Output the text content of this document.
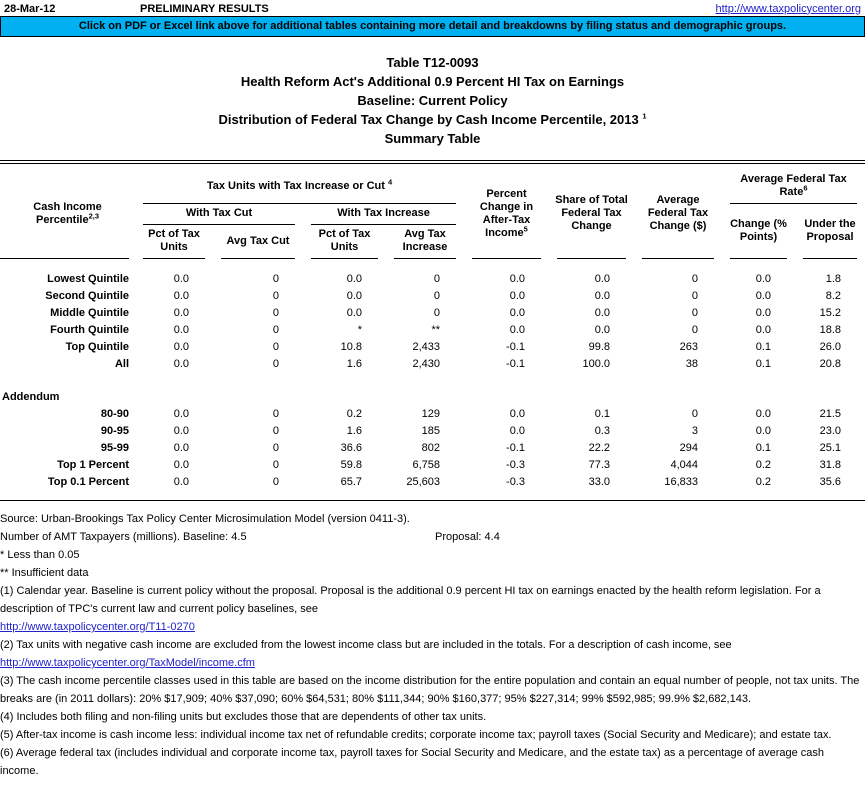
28-Mar-12	PRELIMINARY RESULTS	http://www.taxpolicycenter.org
Click on PDF or Excel link above for additional tables containing more detail and breakdowns by filing status and demographic groups.
Table T12-0093
Health Reform Act's Additional 0.9 Percent HI Tax on Earnings
Baseline: Current Policy
Distribution of Federal Tax Change by Cash Income Percentile, 2013 $^1$
Summary Table
Cash Income
Percentile$^{2,3}$	Tax Units with Tax Increase or Cut $^4$				Percent Change in After-Tax Income$^5$	Share of Total Federal Tax Change	Average Federal Tax Change ($)	Average Federal Tax Rate$^6$
	With Tax Cut		With Tax Increase					Change (% Points)	Under the Proposal
	Pct of Tax Units	Avg Tax Cut	Pct of Tax Units	Avg Tax Increase					

Lowest Quintile	0.0	0	0.0	0	0.0	0.0	0	0.0	1.8
Second Quintile	0.0	0	0.0	0	0.0	0.0	0	0.0	8.2
Middle Quintile	0.0	0	0.0	0	0.0	0.0	0	0.0	15.2
Fourth Quintile	0.0	0	*	**	0.0	0.0	0	0.0	18.8
Top Quintile	0.0	0	10.8	2,433	-0.1	99.8	263	0.1	26.0
All	0.0	0	1.6	2,430	-0.1	100.0	38	0.1	20.8

Addendum									
80-90	0.0	0	0.2	129	0.0	0.1	0	0.0	21.5
90-95	0.0	0	1.6	185	0.0	0.3	3	0.0	23.0
95-99	0.0	0	36.6	802	-0.1	22.2	294	0.1	25.1
Top 1 Percent	0.0	0	59.8	6,758	-0.3	77.3	4,044	0.2	31.8
Top 0.1 Percent	0.0	0	65.7	25,603	-0.3	33.0	16,833	0.2	35.6
Source: Urban-Brookings Tax Policy Center Microsimulation Model (version 0411-3).
Number of AMT Taxpayers (millions). Baseline: 4.5	Proposal: 4.4
* Less than 0.05
** Insufficient data
(1) Calendar year. Baseline is current policy without the proposal. Proposal is the additional 0.9 percent HI tax on earnings enacted by the health reform legislation. For a description of TPC's current law and current policy baselines, see
http://www.taxpolicycenter.org/T11-0270
(2) Tax units with negative cash income are excluded from the lowest income class but are included in the totals. For a description of cash income, see
http://www.taxpolicycenter.org/TaxModel/income.cfm
(3) The cash income percentile classes used in this table are based on the income distribution for the entire population and contain an equal number of people, not tax units. The breaks are (in 2011 dollars): 20% $17,909; 40% $37,090; 60% $64,531; 80% $111,344; 90% $160,377; 95% $227,314; 99% $592,985; 99.9% $2,682,143.
(4) Includes both filing and non-filing units but excludes those that are dependents of other tax units.
(5) After-tax income is cash income less: individual income tax net of refundable credits; corporate income tax; payroll taxes (Social Security and Medicare); and estate tax.
(6) Average federal tax (includes individual and corporate income tax, payroll taxes for Social Security and Medicare, and the estate tax) as a percentage of average cash income.
